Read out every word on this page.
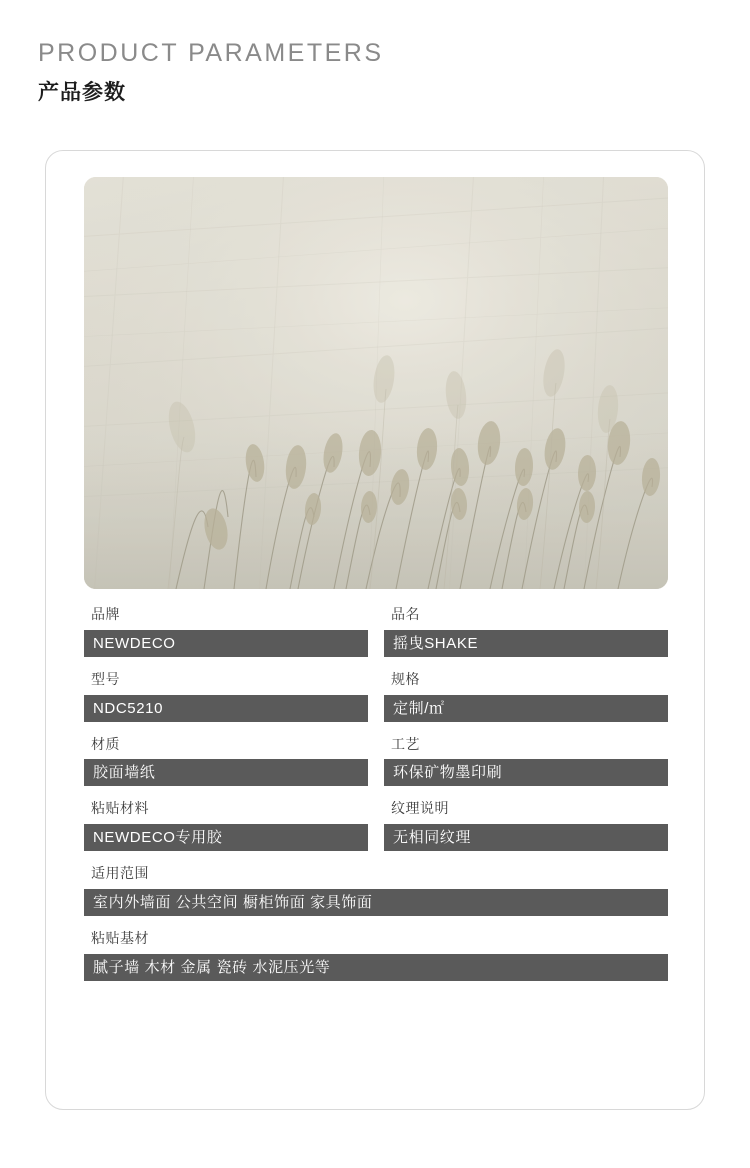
PRODUCT PARAMETERS
产品参数
品牌
NEWDECO
品名
摇曳SHAKE
型号
NDC5210
规格
定制/㎡
材质
胶面墙纸
工艺
环保矿物墨印刷
粘贴材料
NEWDECO专用胶
纹理说明
无相同纹理
适用范围
室内外墙面 公共空间 橱柜饰面 家具饰面
粘贴基材
腻子墙 木材 金属 瓷砖 水泥压光等
